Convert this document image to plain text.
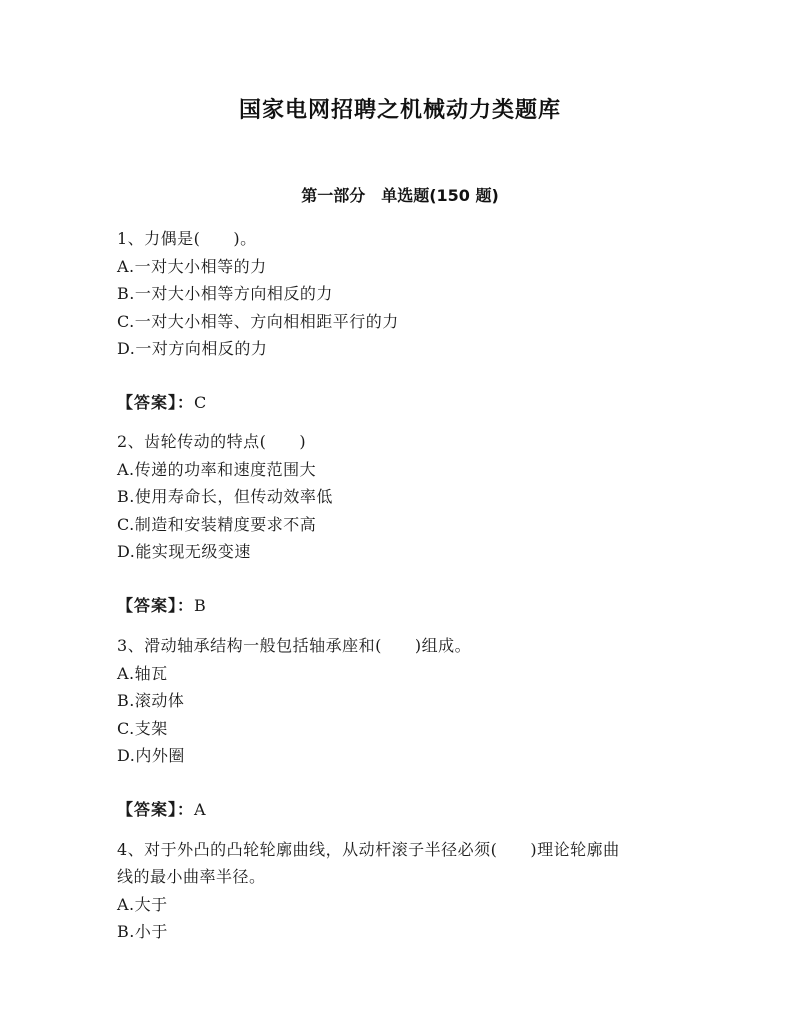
国家电网招聘之机械动力类题库
第一部分　单选题(150 题)
1、力偶是(　　)。
A.一对大小相等的力
B.一对大小相等方向相反的力
C.一对大小相等、方向相相距平行的力
D.一对方向相反的力
【答案】：C
2、齿轮传动的特点(　　)
A.传递的功率和速度范围大
B.使用寿命长，但传动效率低
C.制造和安装精度要求不高
D.能实现无级变速
【答案】：B
3、滑动轴承结构一般包括轴承座和(　　)组成。
A.轴瓦
B.滚动体
C.支架
D.内外圈
【答案】：A
4、对于外凸的凸轮轮廓曲线，从动杆滚子半径必须(　　)理论轮廓曲
线的最小曲率半径。
A.大于
B.小于
